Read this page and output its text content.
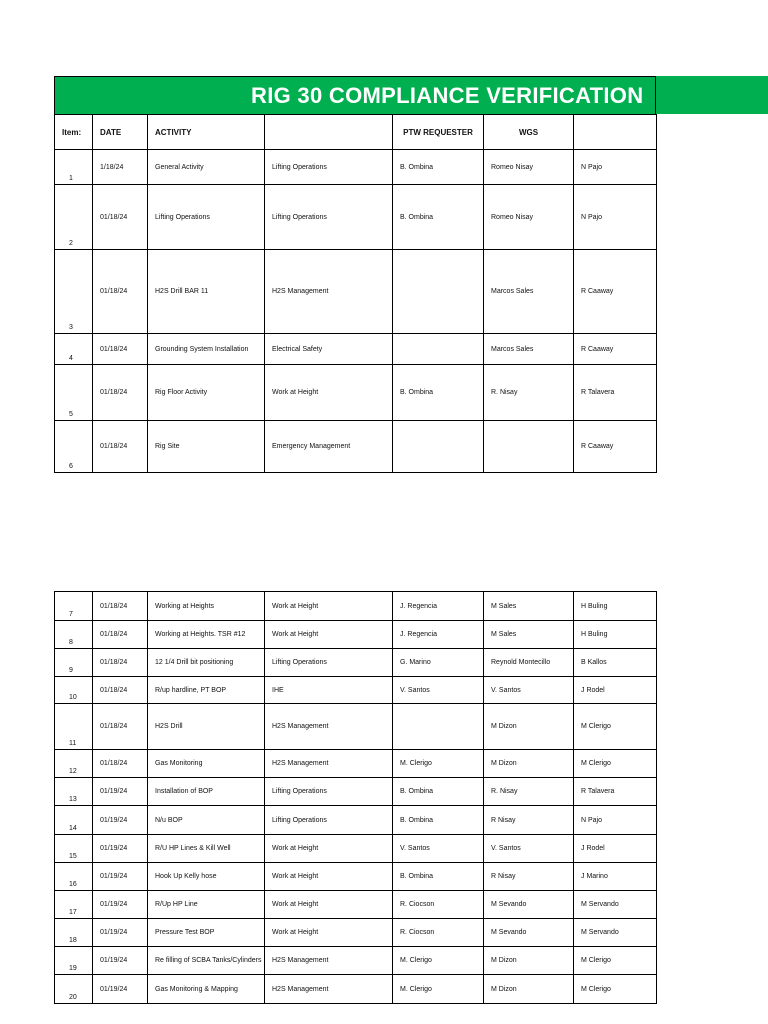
RIG 30 COMPLIANCE VERIFICATION
Item:	DATE	ACTIVITY		PTW REQUESTER	WGS	
1	1/18/24	General Activity	Lifting Operations	B. Ombina	Romeo Nisay	N Pajo
2	01/18/24	Lifting Operations	Lifting Operations	B. Ombina	Romeo Nisay	N Pajo
3	01/18/24	H2S Drill BAR 11	H2S Management		Marcos Sales	R Caaway
4	01/18/24	Grounding System Installation	Electrical Safety		Marcos Sales	R Caaway
5	01/18/24	Rig Floor Activity	Work at Height	B. Ombina	R. Nisay	R Talavera
6	01/18/24	Rig Site	Emergency Management			R Caaway
7	01/18/24	Working at Heights	Work at Height	J. Regencia	M Sales	H Buling
8	01/18/24	Working at Heights. TSR #12	Work at Height	J. Regencia	M Sales	H Buling
9	01/18/24	12 1/4 Drill bit positioning	Lifting Operations	G. Marino	Reynold Montecillo	B Kallos
10	01/18/24	R/up hardline, PT BOP	IHE	V. Santos	V. Santos	J Rodel
11	01/18/24	H2S Drill	H2S Management		M Dizon	M Clerigo
12	01/18/24	Gas Monitoring	H2S Management	M. Clerigo	M Dizon	M Clerigo
13	01/19/24	Installation of BOP	Lifting Operations	B. Ombina	R. Nisay	R Talavera
14	01/19/24	N/u BOP	Lifting Operations	B. Ombina	R Nisay	N Pajo
15	01/19/24	R/U HP Lines & Kill Well	Work at Height	V. Santos	V. Santos	J Rodel
16	01/19/24	Hook Up Kelly hose	Work at Height	B. Ombina	R Nisay	J Marino
17	01/19/24	R/Up HP Line	Work at Height	R. Ciocson	M Sevando	M Servando
18	01/19/24	Pressure Test BOP	Work at Height	R. Ciocson	M Sevando	M Servando
19	01/19/24	Re filling of SCBA Tanks/Cylinders	H2S Management	M. Clerigo	M Dizon	M Clerigo
20	01/19/24	Gas Monitoring & Mapping	H2S Management	M. Clerigo	M Dizon	M Clerigo
